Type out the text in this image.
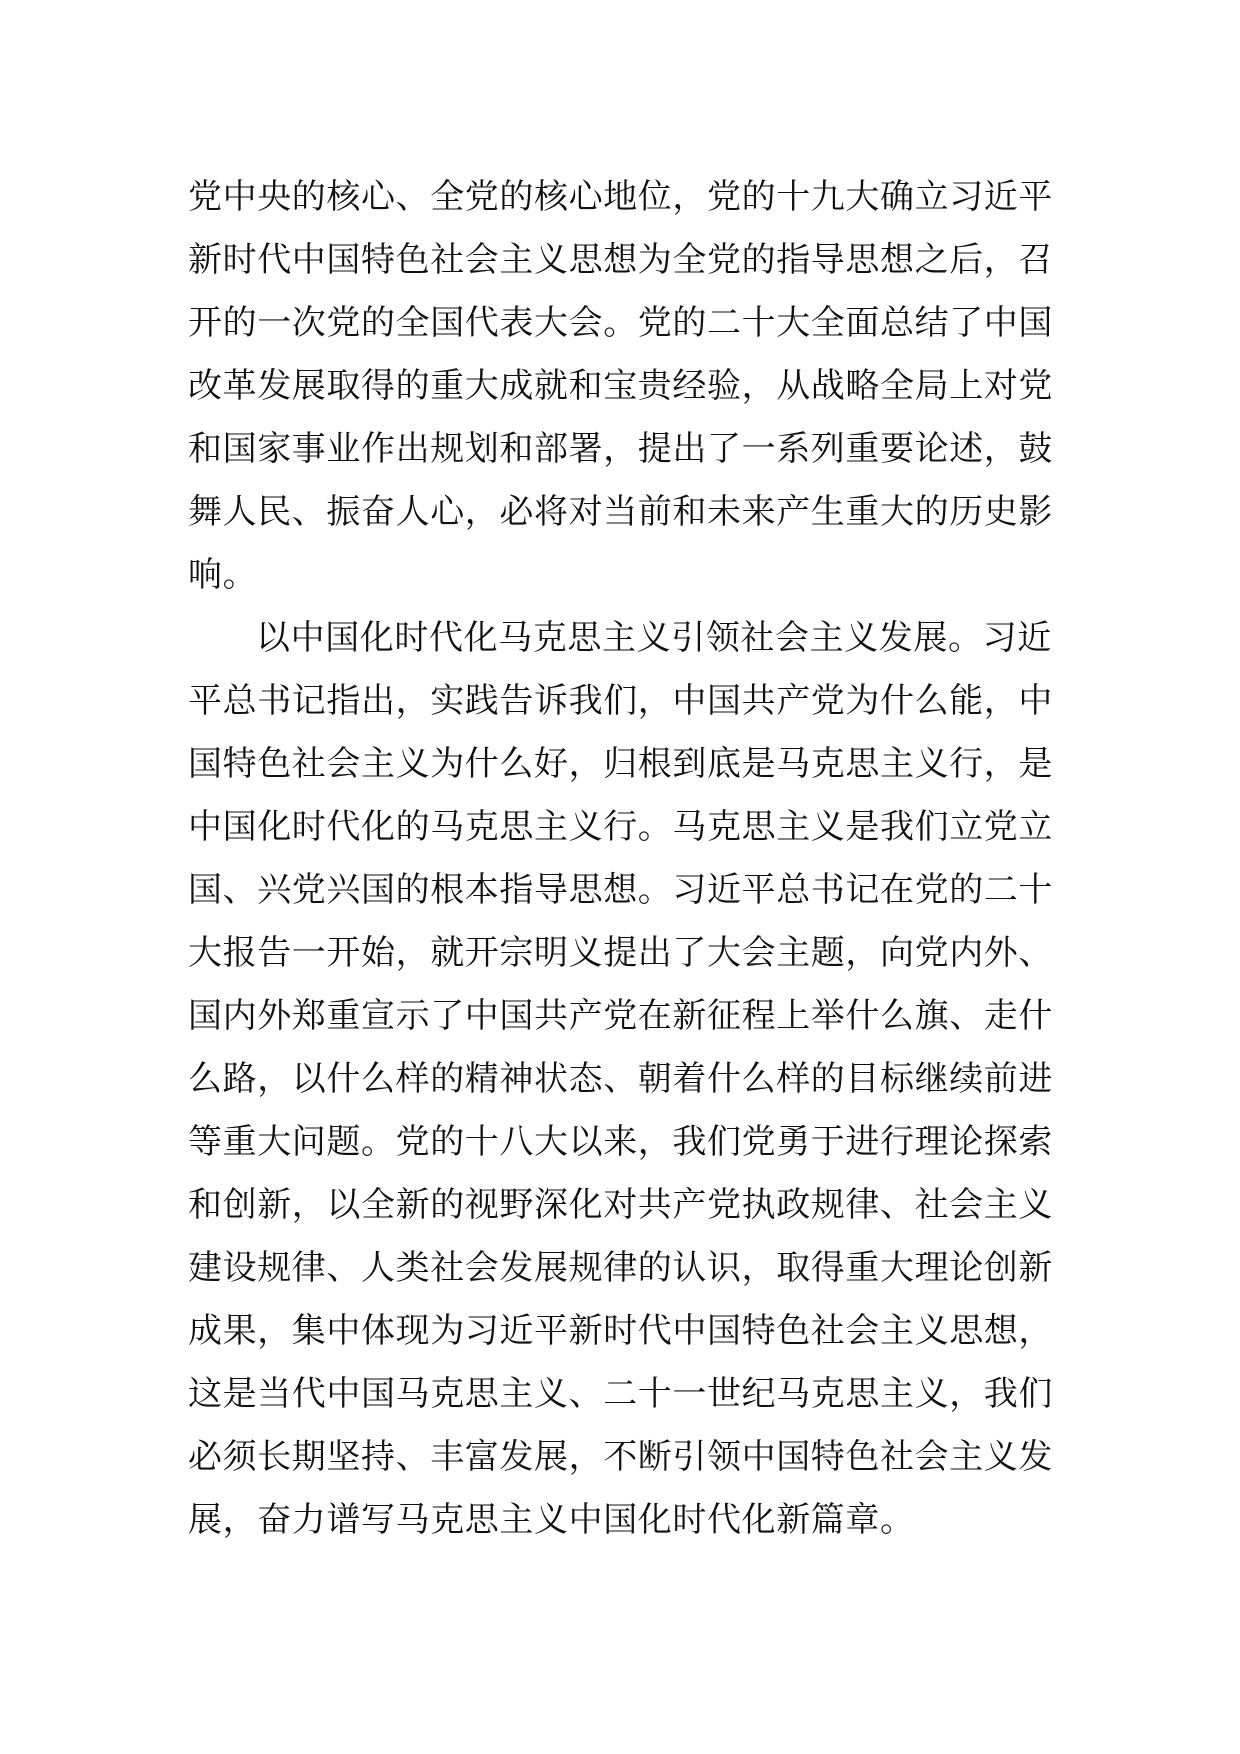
党中央的核心、全党的核心地位，党的十九大确立习近平
新时代中国特色社会主义思想为全党的指导思想之后，召
开的一次党的全国代表大会。党的二十大全面总结了中国
改革发展取得的重大成就和宝贵经验，从战略全局上对党
和国家事业作出规划和部署，提出了一系列重要论述，鼓
舞人民、振奋人心，必将对当前和未来产生重大的历史影
响。
以中国化时代化马克思主义引领社会主义发展。习近
平总书记指出，实践告诉我们，中国共产党为什么能，中
国特色社会主义为什么好，归根到底是马克思主义行，是
中国化时代化的马克思主义行。马克思主义是我们立党立
国、兴党兴国的根本指导思想。习近平总书记在党的二十
大报告一开始，就开宗明义提出了大会主题，向党内外、
国内外郑重宣示了中国共产党在新征程上举什么旗、走什
么路，以什么样的精神状态、朝着什么样的目标继续前进
等重大问题。党的十八大以来，我们党勇于进行理论探索
和创新，以全新的视野深化对共产党执政规律、社会主义
建设规律、人类社会发展规律的认识，取得重大理论创新
成果，集中体现为习近平新时代中国特色社会主义思想，
这是当代中国马克思主义、二十一世纪马克思主义，我们
必须长期坚持、丰富发展，不断引领中国特色社会主义发
展，奋力谱写马克思主义中国化时代化新篇章。
